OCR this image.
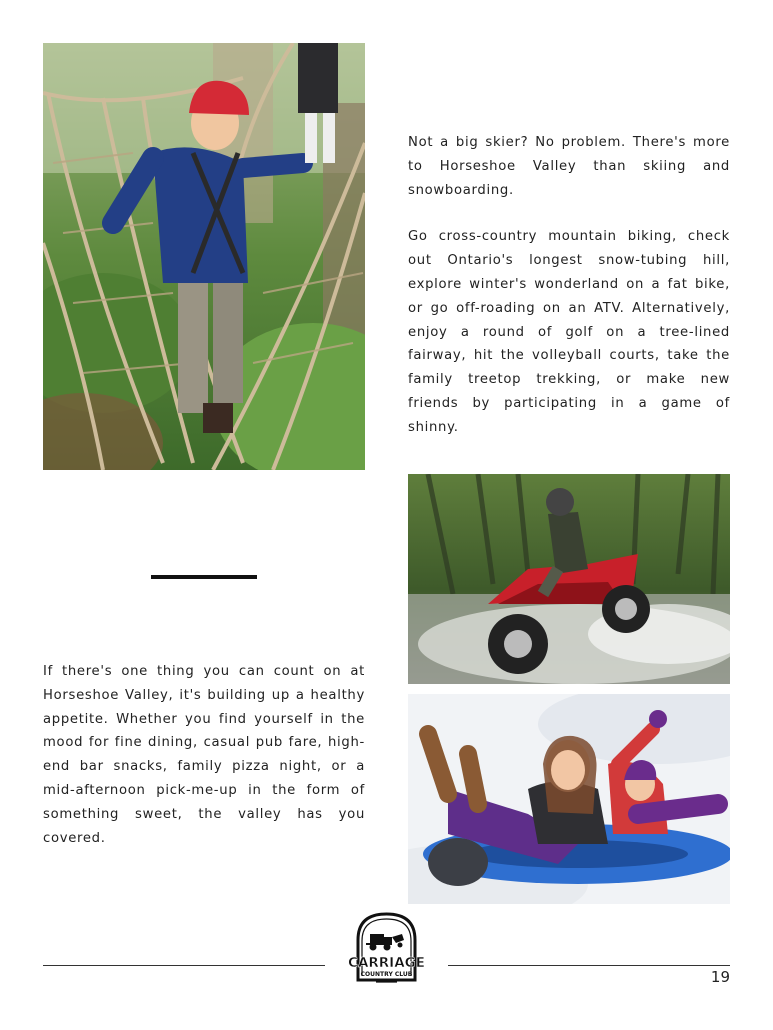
Not a big skier? No problem. There's more to Horseshoe Valley than skiing and snowboarding.

Go cross-country mountain biking, check out Ontario's longest snow-tubing hill, explore winter's wonderland on a fat bike, or go off-roading on an ATV. Alternatively, enjoy a round of golf on a tree-lined fairway, hit the volleyball courts, take the family treetop trekking, or make new friends by participating in a game of shinny.

If there's one thing you can count on at Horseshoe Valley, it's building up a healthy appetite. Whether you find yourself in the mood for fine dining, casual pub fare, high-end bar snacks, family pizza night, or a mid-afternoon pick-me-up in the form of something sweet, the valley has you covered.

CARRIAGE
COUNTRY CLUB	19
